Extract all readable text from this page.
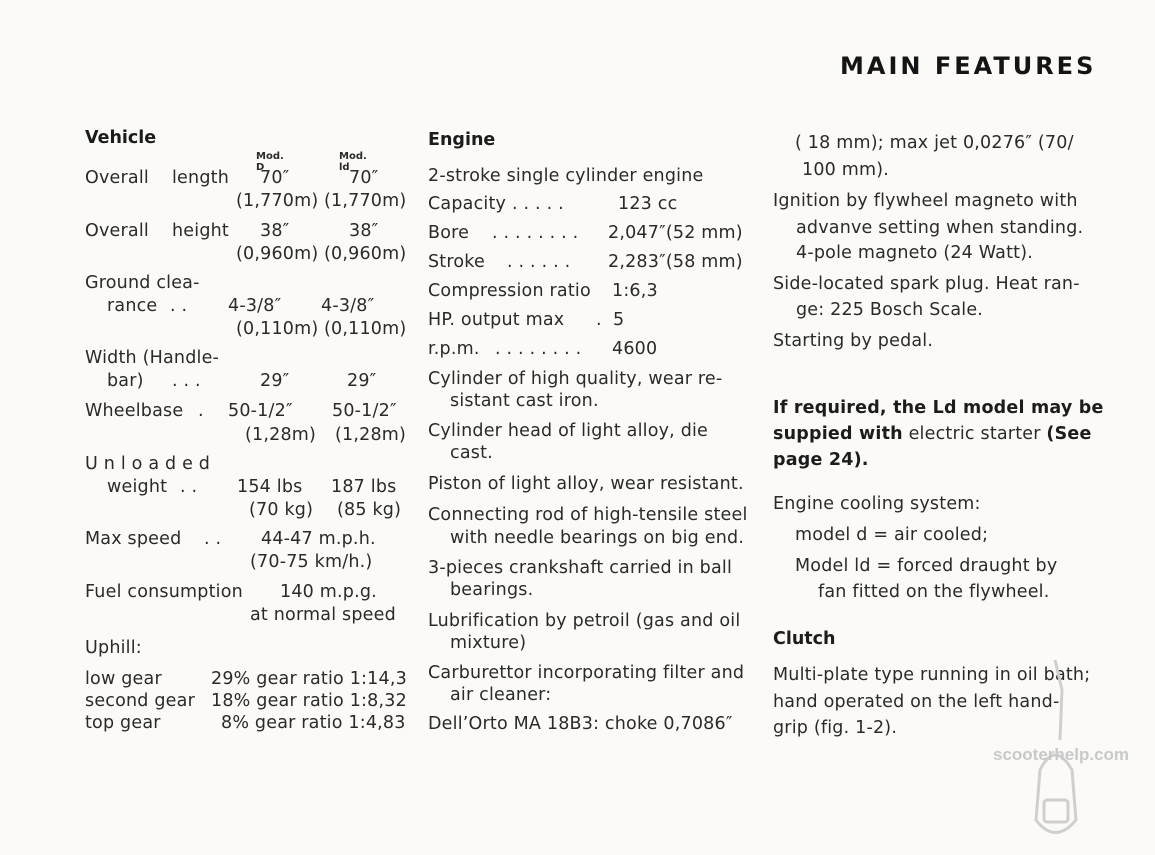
MAIN FEATURES
Vehicle
Mod. D
Mod. ld
Overall length 70″	70″
(1,770m) (1,770m)
Overall height 38″	38″
(0,960m) (0,960m)
Ground clea-
rance . . 4-3/8″ 4-3/8″
(0,110m) (0,110m)
Width (Handle-
bar) . . .	29″	29″
Wheelbase . 50-1/2″ 50-1/2″
(1,28m) (1,28m)
U n l o a d e d
weight . . 154 lbs 187 lbs
(70 kg) (85 kg)
Max speed . . 44-47 m.p.h.
(70-75 km/h.)
Fuel consumption 140 m.p.g.
at normal speed
Uphill:
low gear	29% gear ratio 1:14,3
second gear 18% gear ratio 1:8,32
top gear	8% gear ratio 1:4,83
Engine
2-stroke single cylinder engine
Capacity . . . . .	123 cc
Bore . . . . . . . . 2,047″(52 mm)
Stroke . . . . . . 2,283″(58 mm)
Compression ratio 1:6,3
HP. output max . 5
r.p.m. . . . . . . . . 4600
Cylinder of high quality, wear re-
sistant cast iron.
Cylinder head of light alloy, die
cast.
Piston of light alloy, wear resistant.
Connecting rod of high-tensile steel
with needle bearings on big end.
3-pieces crankshaft carried in ball
bearings.
Lubrification by petroil (gas and oil
mixture)
Carburettor incorporating filter and
air cleaner:
Dell’Orto MA 18B3: choke 0,7086″
( 18 mm); max jet 0,0276″ (70/
100 mm).
Ignition by flywheel magneto with
advanve setting when standing.
4-pole magneto (24 Watt).
Side-located spark plug. Heat ran-
ge: 225 Bosch Scale.
Starting by pedal.
If required, the Ld model may be
suppied with electric starter (See
page 24).
Engine cooling system:
model d = air cooled;
Model ld = forced draught by
fan fitted on the flywheel.
Clutch
Multi-plate type running in oil bath;
hand operated on the left hand-
grip (fig. 1-2).
scooterhelp.com
